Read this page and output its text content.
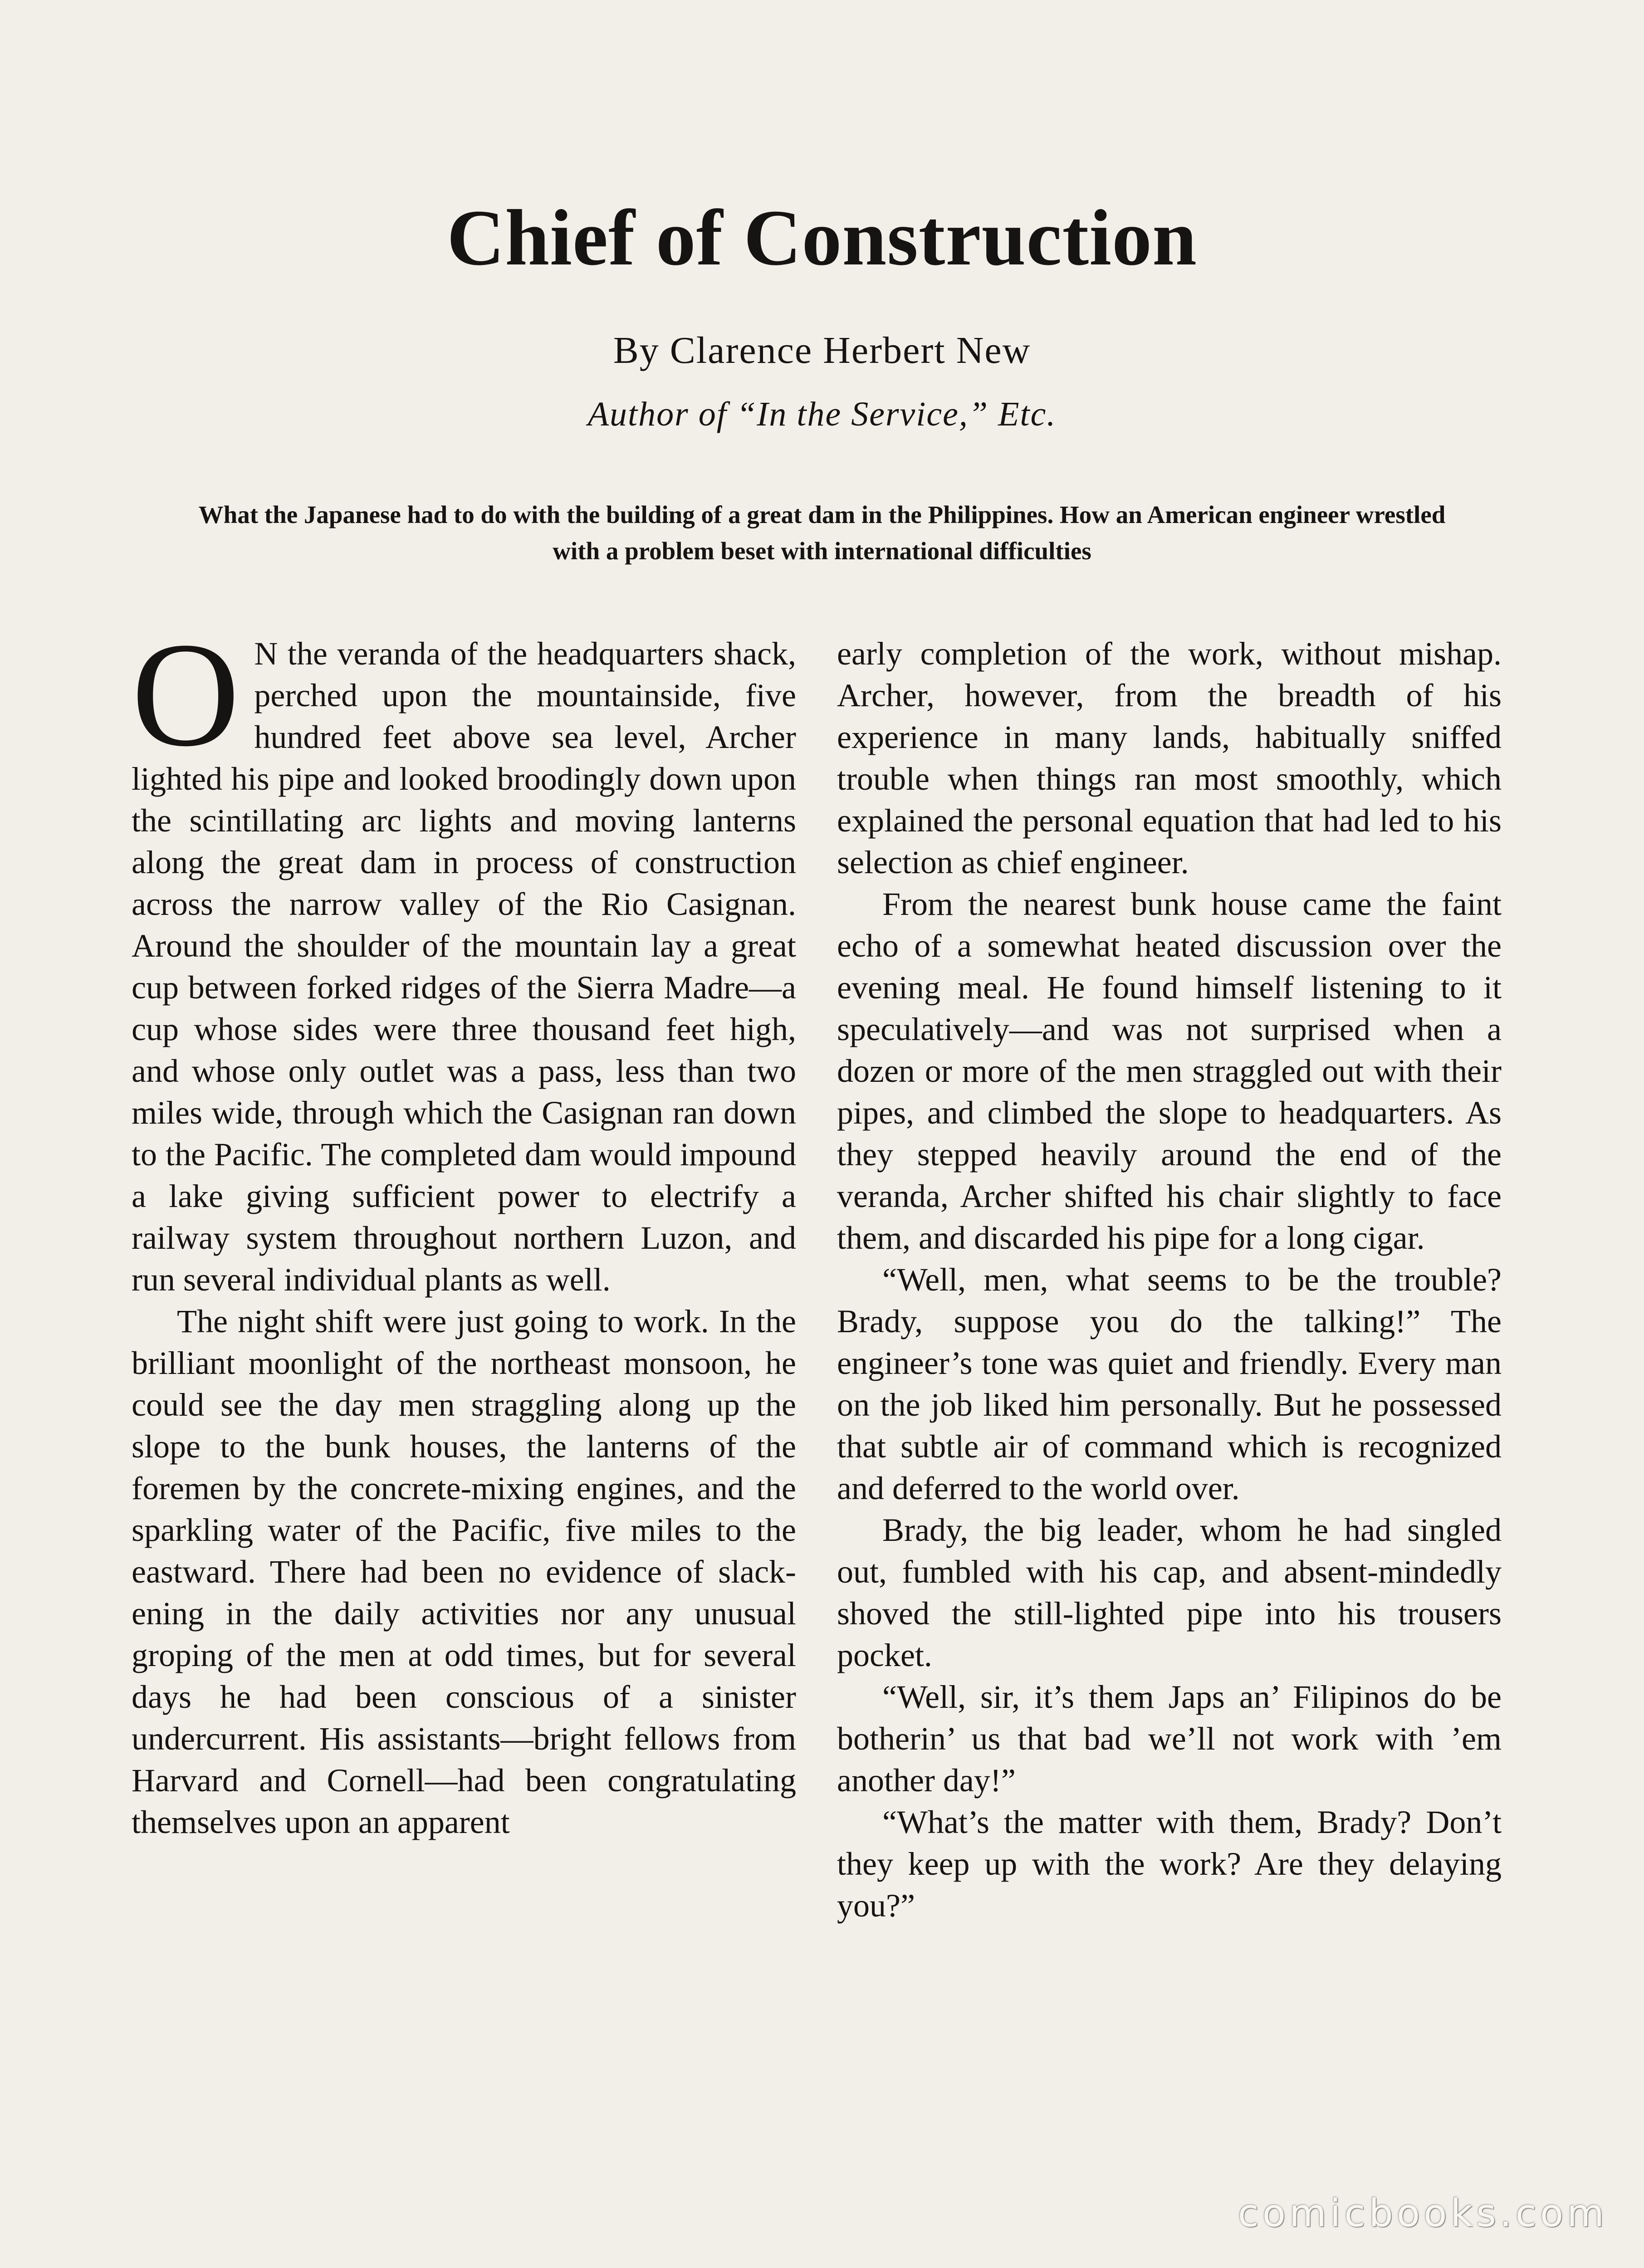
Chief of Construction
By Clarence Herbert New
Author of “In the Service,” Etc.
What the Japanese had to do with the building of a great dam in the Philippines. How an American engineer wrestled with a problem beset with international difficulties

ON the veranda of the headquarters shack, perched upon the mountainside, five hundred feet above sea level, Archer lighted his pipe and looked broodingly down upon the scintillating arc lights and moving lanterns along the great dam in process of construction across the narrow valley of the Rio Casignan. Around the shoulder of the mountain lay a great cup between forked ridges of the Sierra Madre—a cup whose sides were three thousand feet high, and whose only outlet was a pass, less than two miles wide, through which the Casignan ran down to the Pacific. The completed dam would impound a lake giving sufficient power to electrify a railway system throughout northern Luzon, and run several individual plants as well.

The night shift were just going to work. In the brilliant moonlight of the northeast monsoon, he could see the day men straggling along up the slope to the bunk houses, the lanterns of the foremen by the concrete-mixing engines, and the sparkling water of the Pacific, five miles to the eastward. There had been no evidence of slackening in the daily activities nor any unusual groping of the men at odd times, but for several days he had been conscious of a sinister undercurrent. His assistants—bright fellows from Harvard and Cornell—had been congratulating themselves upon an apparent

early completion of the work, without mishap. Archer, however, from the breadth of his experience in many lands, habitually sniffed trouble when things ran most smoothly, which explained the personal equation that had led to his selection as chief engineer.

From the nearest bunk house came the faint echo of a somewhat heated discussion over the evening meal. He found himself listening to it speculatively—and was not surprised when a dozen or more of the men straggled out with their pipes, and climbed the slope to headquarters. As they stepped heavily around the end of the veranda, Archer shifted his chair slightly to face them, and discarded his pipe for a long cigar.

“Well, men, what seems to be the trouble? Brady, suppose you do the talking!” The engineer’s tone was quiet and friendly. Every man on the job liked him personally. But he possessed that subtle air of command which is recognized and deferred to the world over.

Brady, the big leader, whom he had singled out, fumbled with his cap, and absent-mindedly shoved the still-lighted pipe into his trousers pocket.

“Well, sir, it’s them Japs an’ Filipinos do be botherin’ us that bad we’ll not work with ’em another day!”

“What’s the matter with them, Brady? Don’t they keep up with the work? Are they delaying you?”

comicbooks.com
